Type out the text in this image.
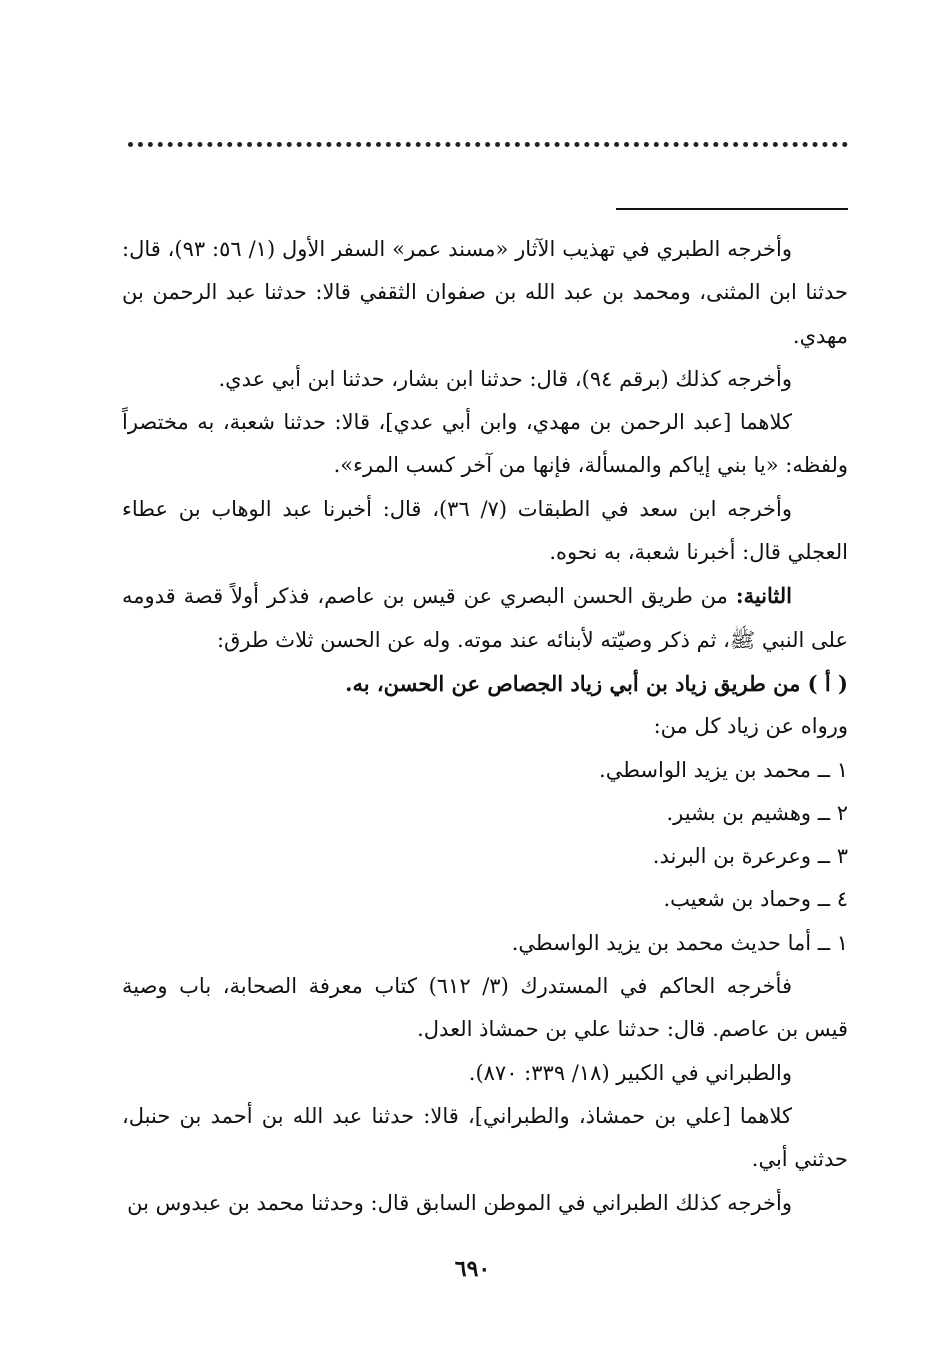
وأخرجه الطبري في تهذيب الآثار «مسند عمر» السفر الأول (١/ ٥٦: ٩٣)، قال: حدثنا ابن المثنى، ومحمد بن عبد الله بن صفوان الثقفي قالا: حدثنا عبد الرحمن بن مهدي.

وأخرجه كذلك (برقم ٩٤)، قال: حدثنا ابن بشار، حدثنا ابن أبي عدي.

كلاهما [عبد الرحمن بن مهدي، وابن أبي عدي]، قالا: حدثنا شعبة، به مختصراً ولفظه: «يا بني إياكم والمسألة، فإنها من آخر كسب المرء».

وأخرجه ابن سعد في الطبقات (٧/ ٣٦)، قال: أخبرنا عبد الوهاب بن عطاء العجلي قال: أخبرنا شعبة، به نحوه.

الثانية: من طريق الحسن البصري عن قيس بن عاصم، فذكر أولاً قصة قدومه على النبي ﷺ، ثم ذكر وصيّته لأبنائه عند موته. وله عن الحسن ثلاث طرق:

( أ ) من طريق زياد بن أبي زياد الجصاص عن الحسن، به.

ورواه عن زياد كل من:

١ ــ محمد بن يزيد الواسطي.

٢ ــ وهشيم بن بشير.

٣ ــ وعرعرة بن البرند.

٤ ــ وحماد بن شعيب.

١ ــ أما حديث محمد بن يزيد الواسطي.

فأخرجه الحاكم في المستدرك (٣/ ٦١٢) كتاب معرفة الصحابة، باب وصية قيس بن عاصم. قال: حدثنا علي بن حمشاذ العدل.

والطبراني في الكبير (١٨/ ٣٣٩: ٨٧٠).

كلاهما [علي بن حمشاذ، والطبراني]، قالا: حدثنا عبد الله بن أحمد بن حنبل، حدثني أبي.

وأخرجه كذلك الطبراني في الموطن السابق قال: وحدثنا محمد بن عبدوس بن

٦٩٠
